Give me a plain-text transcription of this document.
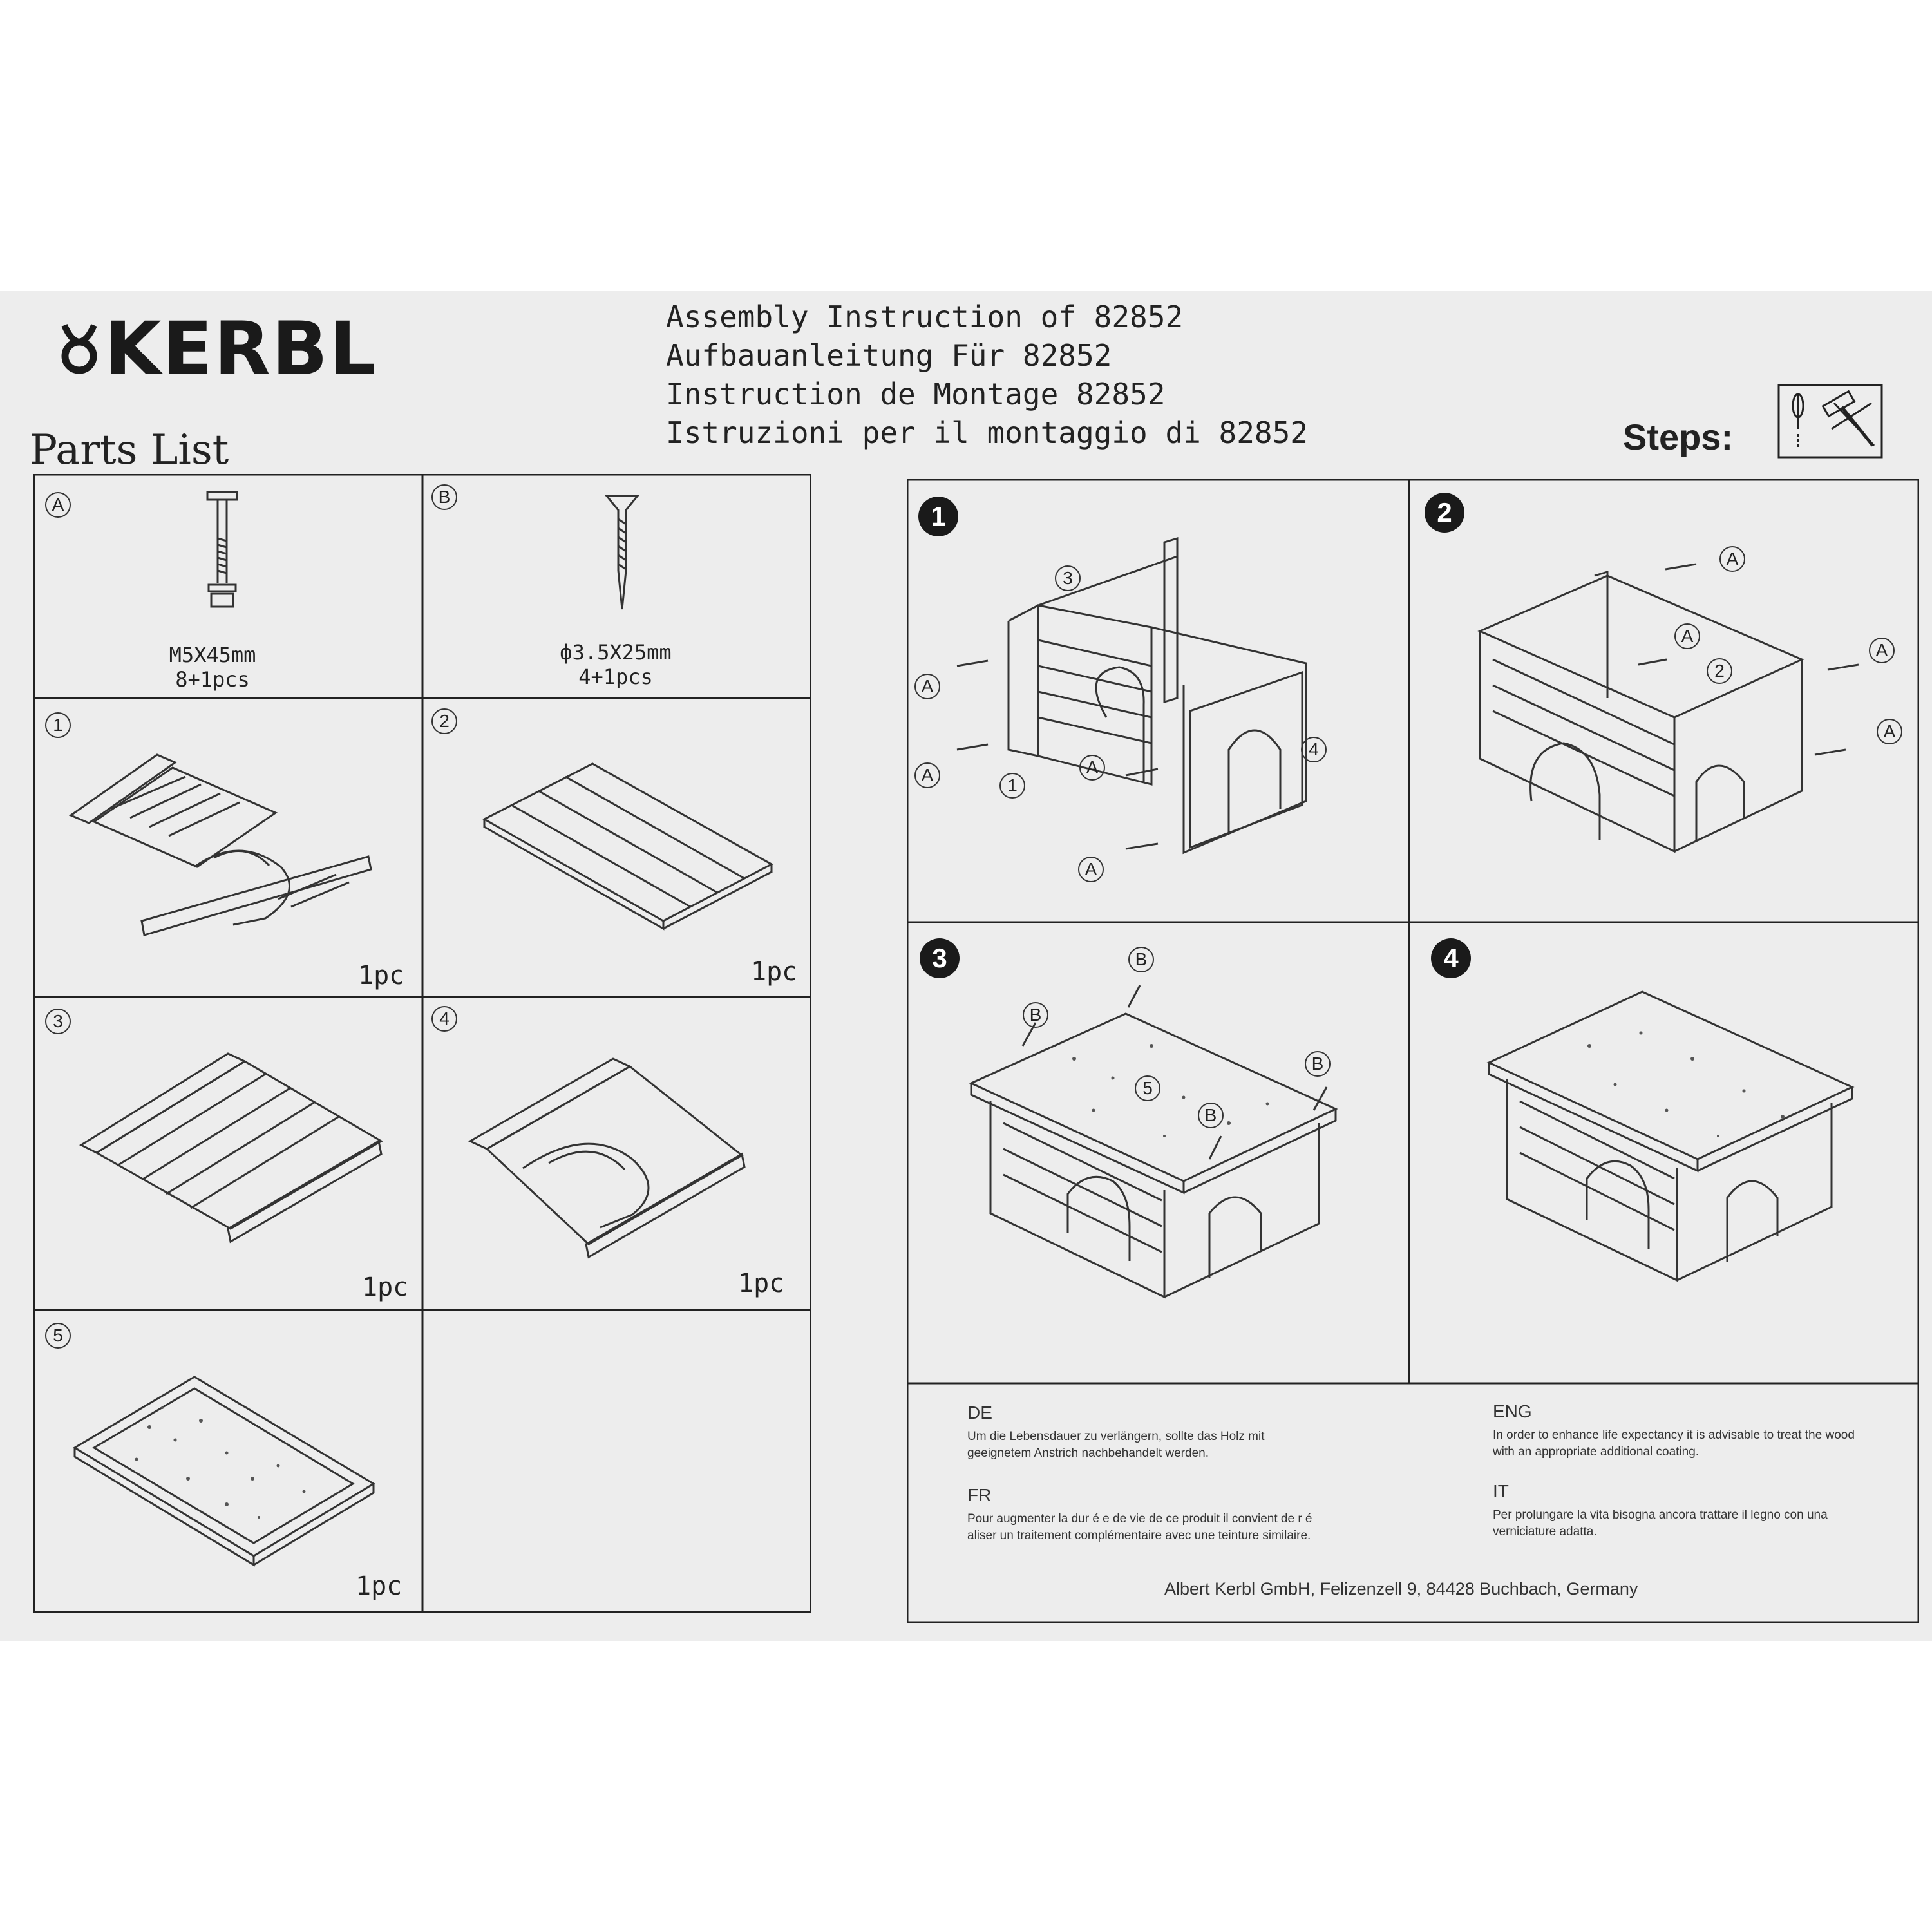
KERBL	Assembly Instruction of 82852
Aufbauanleitung Für 82852
Instruction de Montage 82852
Istruzioni per il montaggio di 82852
Parts List	Steps:
A	B
M5X45mm
8+1pcs
ф3.5X25mm
4+1pcs
1	2
3	4
5
1pc	1pc
1pc	1pc
1pc
1	2
3	4
A
A	A
A
3
1
4
A
A
A
A
2
B
B
B
B
5
DE
Um die Lebensdauer zu verlängern, sollte das Holz mit geeignetem Anstrich nachbehandelt werden.
ENG
In order to enhance life expectancy it is advisable to treat the wood with an appropriate additional coating.
FR
Pour augmenter la dur é e de vie de ce produit il convient de r é aliser un traitement complémentaire avec une teinture similaire.
IT
Per prolungare la vita bisogna ancora trattare il legno con una verniciature adatta.
Albert Kerbl GmbH, Felizenzell 9, 84428 Buchbach, Germany
